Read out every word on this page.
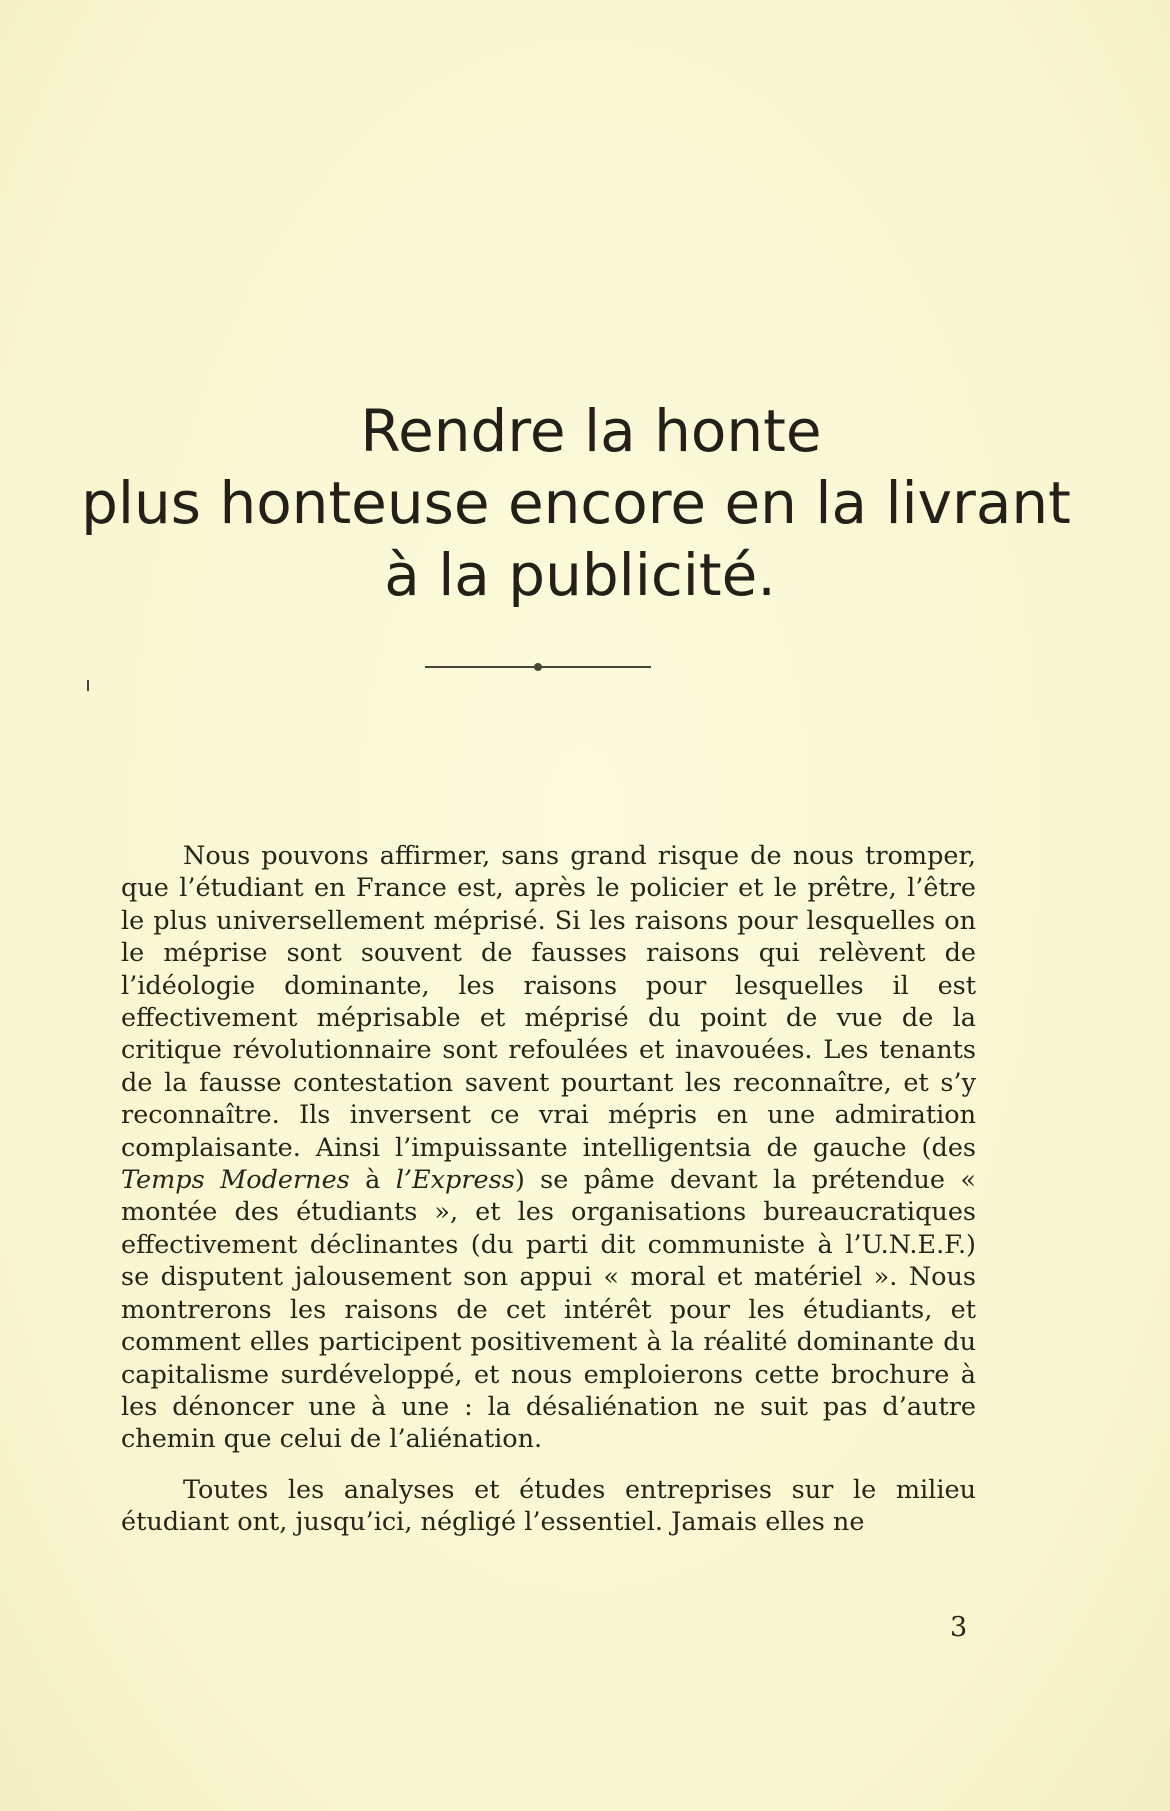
Rendre la honte
plus honteuse encore en la livrant
à la publicité.

Nous pouvons affirmer, sans grand risque de nous tromper, que l’étudiant en France est, après le policier et le prêtre, l’être le plus universellement méprisé. Si les raisons pour lesquelles on le méprise sont souvent de fausses raisons qui relèvent de l’idéologie dominante, les raisons pour lesquelles il est effectivement méprisable et méprisé du point de vue de la critique révolutionnaire sont refoulées et inavouées. Les tenants de la fausse contestation savent pourtant les reconnaître, et s’y reconnaître. Ils inversent ce vrai mépris en une admiration complaisante. Ainsi l’impuissante intelligentsia de gauche (des Temps Modernes à l’Express) se pâme devant la prétendue « montée des étudiants », et les organisations bureaucratiques effectivement déclinantes (du parti dit communiste à l’U.N.E.F.) se disputent jalousement son appui « moral et matériel ». Nous montrerons les raisons de cet intérêt pour les étudiants, et comment elles participent positivement à la réalité dominante du capitalisme surdéveloppé, et nous emploierons cette brochure à les dénoncer une à une : la désaliénation ne suit pas d’autre chemin que celui de l’aliénation.

Toutes les analyses et études entreprises sur le milieu étudiant ont, jusqu’ici, négligé l’essentiel. Jamais elles ne

3
